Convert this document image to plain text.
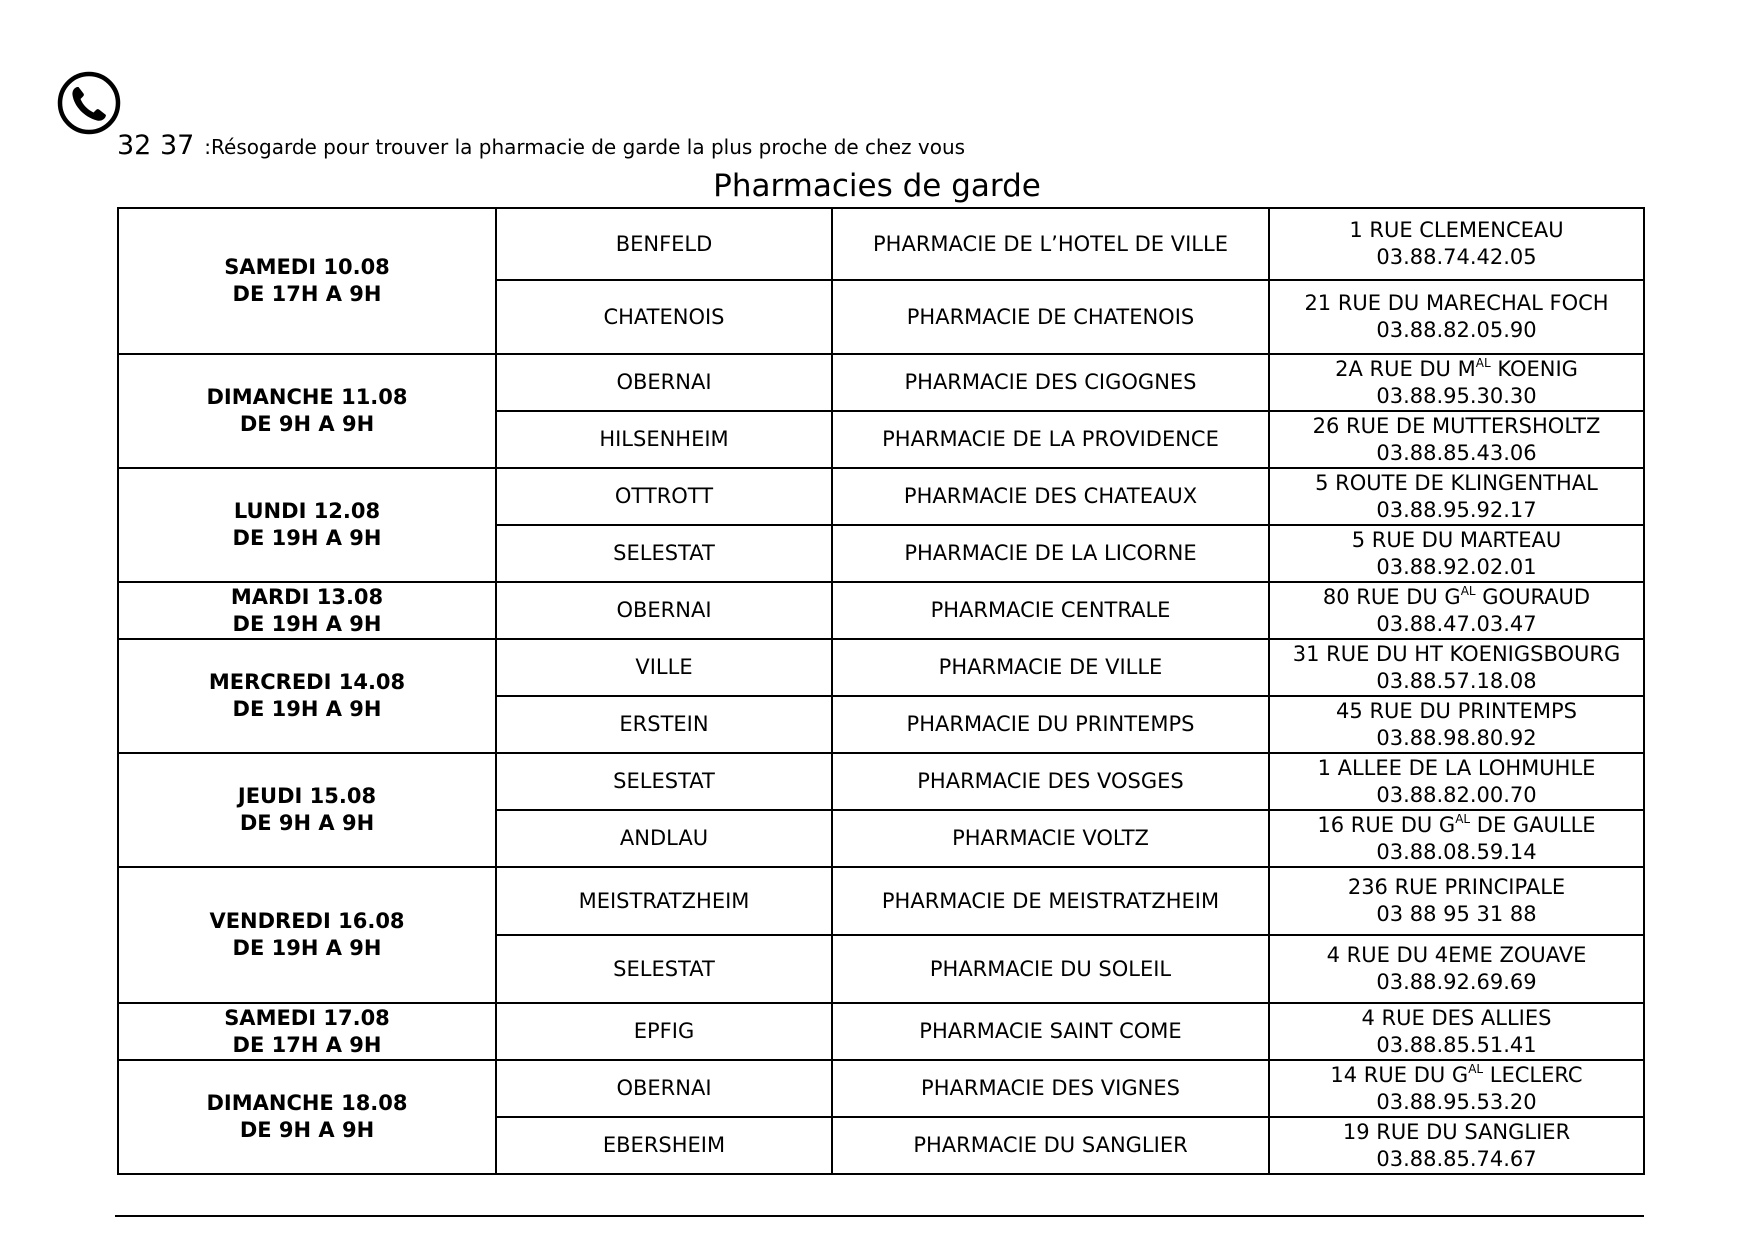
32 37 :Résogarde pour trouver la pharmacie de garde la plus proche de chez vous
Pharmacies de garde
SAMEDI 10.08
DE 17H A 9H	BENFELD	PHARMACIE DE L’HOTEL DE VILLE	1 RUE CLEMENCEAU
03.88.74.42.05

	CHATENOIS	PHARMACIE DE CHATENOIS	21 RUE DU MARECHAL FOCH
03.88.82.05.90

DIMANCHE 11.08
DE 9H A 9H	OBERNAI	PHARMACIE DES CIGOGNES	2A RUE DU $M^{AL}$ KOENIG
03.88.95.30.30

	HILSENHEIM	PHARMACIE DE LA PROVIDENCE	26 RUE DE MUTTERSHOLTZ
03.88.85.43.06

LUNDI 12.08
DE 19H A 9H	OTTROTT	PHARMACIE DES CHATEAUX	5 ROUTE DE KLINGENTHAL
03.88.95.92.17

	SELESTAT	PHARMACIE DE LA LICORNE	5 RUE DU MARTEAU
03.88.92.02.01

MARDI 13.08
DE 19H A 9H	OBERNAI	PHARMACIE CENTRALE	80 RUE DU $G^{AL}$ GOURAUD
03.88.47.03.47

MERCREDI 14.08
DE 19H A 9H	VILLE	PHARMACIE DE VILLE	31 RUE DU HT KOENIGSBOURG
03.88.57.18.08

	ERSTEIN	PHARMACIE DU PRINTEMPS	45 RUE DU PRINTEMPS
03.88.98.80.92

JEUDI 15.08
DE 9H A 9H	SELESTAT	PHARMACIE DES VOSGES	1 ALLEE DE LA LOHMUHLE
03.88.82.00.70

	ANDLAU	PHARMACIE VOLTZ	16 RUE DU $G^{AL}$ DE GAULLE
03.88.08.59.14

VENDREDI 16.08
DE 19H A 9H	MEISTRATZHEIM	PHARMACIE DE MEISTRATZHEIM	236 RUE PRINCIPALE
03 88 95 31 88

	SELESTAT	PHARMACIE DU SOLEIL	4 RUE DU 4EME ZOUAVE
03.88.92.69.69

SAMEDI 17.08
DE 17H A 9H	EPFIG	PHARMACIE SAINT COME	4 RUE DES ALLIES
03.88.85.51.41

DIMANCHE 18.08
DE 9H A 9H	OBERNAI	PHARMACIE DES VIGNES	14 RUE DU $G^{AL}$ LECLERC
03.88.95.53.20

	EBERSHEIM	PHARMACIE DU SANGLIER	19 RUE DU SANGLIER
03.88.85.74.67
